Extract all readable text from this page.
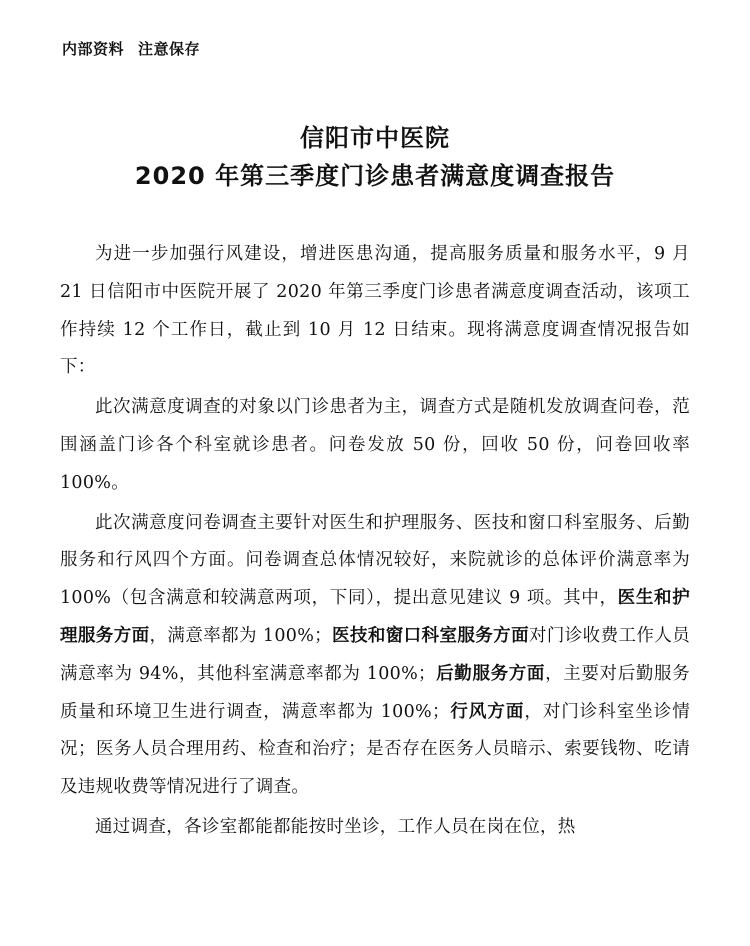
内部资料 注意保存
信阳市中医院
2020 年第三季度门诊患者满意度调查报告

为进一步加强行风建设，增进医患沟通，提高服务质量和服务水平，9 月 21 日信阳市中医院开展了 2020 年第三季度门诊患者满意度调查活动，该项工作持续 12 个工作日，截止到 10 月 12 日结束。现将满意度调查情况报告如下：

此次满意度调查的对象以门诊患者为主，调查方式是随机发放调查问卷，范围涵盖门诊各个科室就诊患者。问卷发放 50 份，回收 50 份，问卷回收率 100%。

此次满意度问卷调查主要针对医生和护理服务、医技和窗口科室服务、后勤服务和行风四个方面。问卷调查总体情况较好，来院就诊的总体评价满意率为 100%（包含满意和较满意两项，下同），提出意见建议 9 项。其中，医生和护理服务方面，满意率都为 100%；医技和窗口科室服务方面对门诊收费工作人员满意率为 94%，其他科室满意率都为 100%；后勤服务方面，主要对后勤服务质量和环境卫生进行调查，满意率都为 100%；行风方面，对门诊科室坐诊情况；医务人员合理用药、检查和治疗；是否存在医务人员暗示、索要钱物、吃请及违规收费等情况进行了调查。

通过调查，各诊室都能都能按时坐诊，工作人员在岗在位，热
